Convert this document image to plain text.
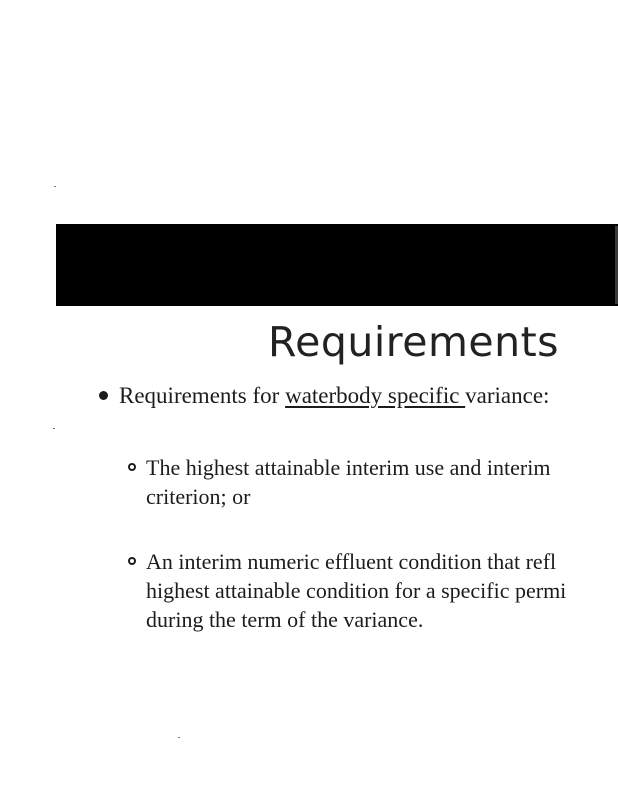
Requirements
Requirements for waterbody specific variance:
The highest attainable interim use and interim
criterion; or
An interim numeric effluent condition that refl
highest attainable condition for a specific permi
during the term of the variance.
